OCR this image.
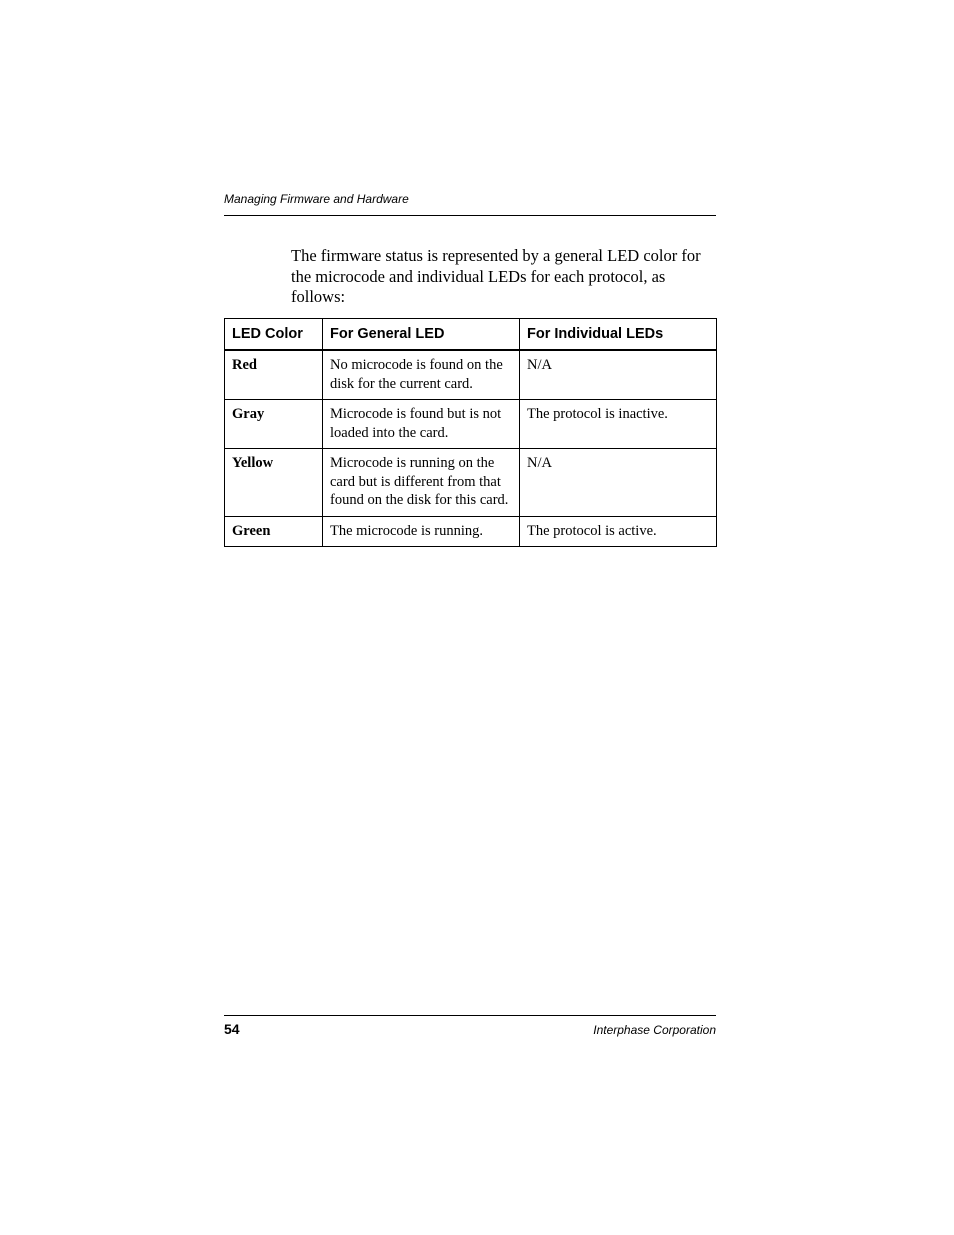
Managing Firmware and Hardware

The firmware status is represented by a general LED color for the microcode and individual LEDs for each protocol, as follows:

LED Color	For General LED	For Individual LEDs
Red	No microcode is found on the disk for the current card.	N/A
Gray	Microcode is found but is not loaded into the card.	The protocol is inactive.
Yellow	Microcode is running on the card but is different from that found on the disk for this card.	N/A
Green	The microcode is running.	The protocol is active.
54	Interphase Corporation
